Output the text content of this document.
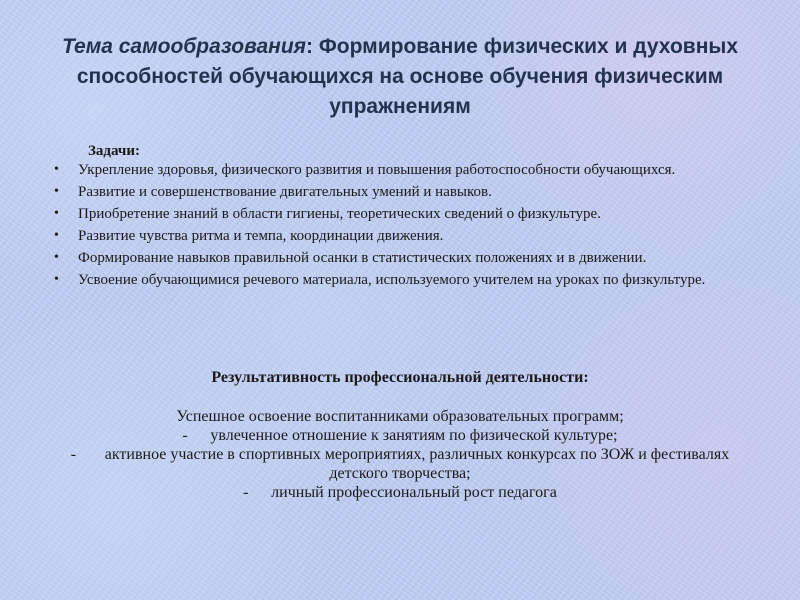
Тема самообразования: Формирование физических и духовных способностей обучающихся на основе обучения физическим упражнениям

Задачи:

• Укрепление здоровья, физического развития и повышения работоспособности обучающихся.
• Развитие и совершенствование двигательных умений и навыков.
• Приобретение знаний в области гигиены, теоретических сведений о физкультуре.
• Развитие чувства ритма и темпа, координации движения.
• Формирование навыков правильной осанки в статистических положениях и в движении.
• Усвоение обучающимися речевого материала, используемого учителем на уроках по физкультуре.

Результативность профессиональной деятельности:

Успешное освоение воспитанниками образовательных программ;

- увлеченное отношение к занятиям по физической культуре;

- активное участие в спортивных мероприятиях, различных конкурсах по ЗОЖ и фестивалях детского творчества;

- личный профессиональный рост педагога
